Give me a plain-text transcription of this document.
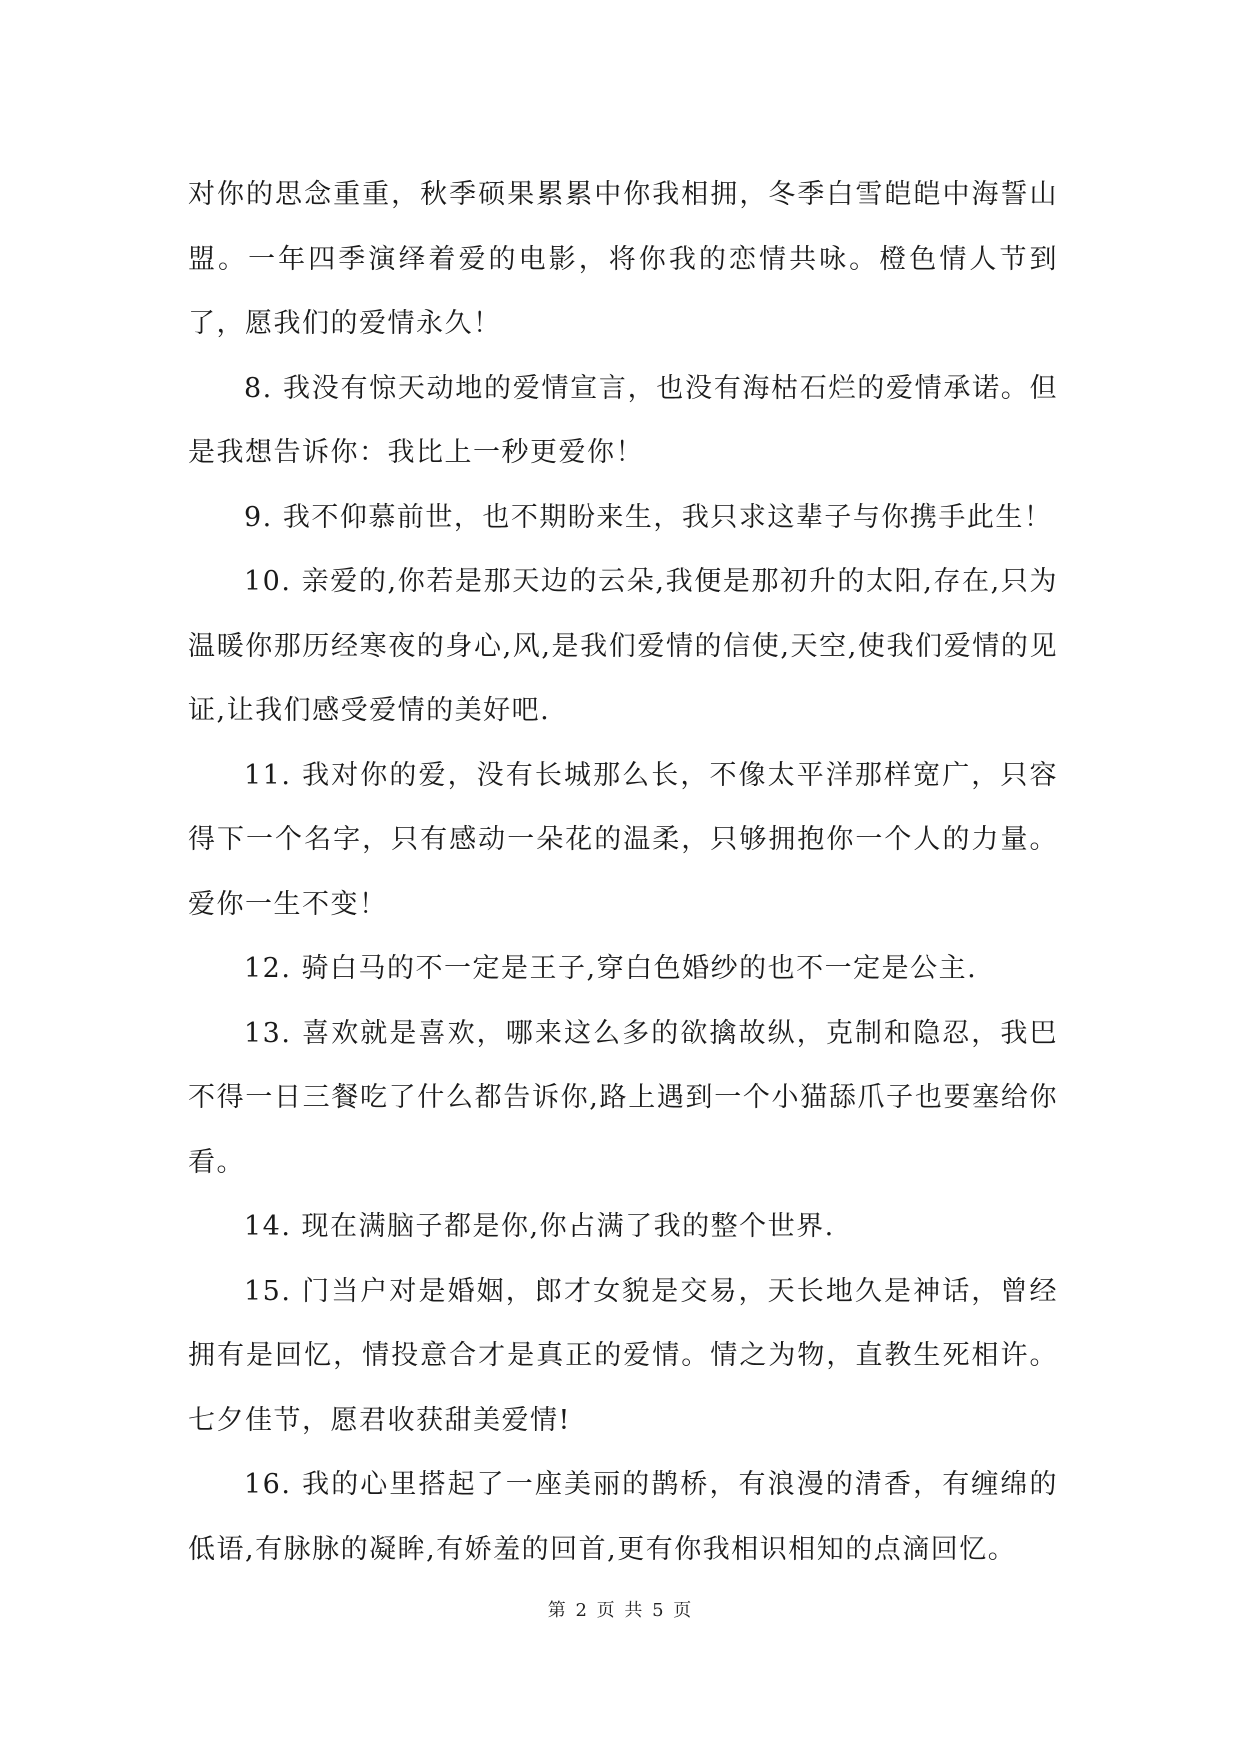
对你的思念重重，秋季硕果累累中你我相拥，冬季白雪皑皑中海誓山盟。一年四季演绎着爱的电影，将你我的恋情共咏。橙色情人节到了，愿我们的爱情永久！

8. 我没有惊天动地的爱情宣言，也没有海枯石烂的爱情承诺。但是我想告诉你：我比上一秒更爱你！

9. 我不仰慕前世，也不期盼来生，我只求这辈子与你携手此生！

10. 亲爱的,你若是那天边的云朵,我便是那初升的太阳,存在,只为温暖你那历经寒夜的身心,风,是我们爱情的信使,天空,使我们爱情的见证,让我们感受爱情的美好吧.

11. 我对你的爱，没有长城那么长，不像太平洋那样宽广，只容得下一个名字，只有感动一朵花的温柔，只够拥抱你一个人的力量。爱你一生不变！

12. 骑白马的不一定是王子,穿白色婚纱的也不一定是公主.

13. 喜欢就是喜欢，哪来这么多的欲擒故纵，克制和隐忍，我巴不得一日三餐吃了什么都告诉你,路上遇到一个小猫舔爪子也要塞给你看。

14. 现在满脑子都是你,你占满了我的整个世界.

15. 门当户对是婚姻，郎才女貌是交易，天长地久是神话，曾经拥有是回忆，情投意合才是真正的爱情。情之为物，直教生死相许。七夕佳节，愿君收获甜美爱情!

16. 我的心里搭起了一座美丽的鹊桥，有浪漫的清香，有缠绵的低语,有脉脉的凝眸,有娇羞的回首,更有你我相识相知的点滴回忆。

第 2 页 共 5 页
